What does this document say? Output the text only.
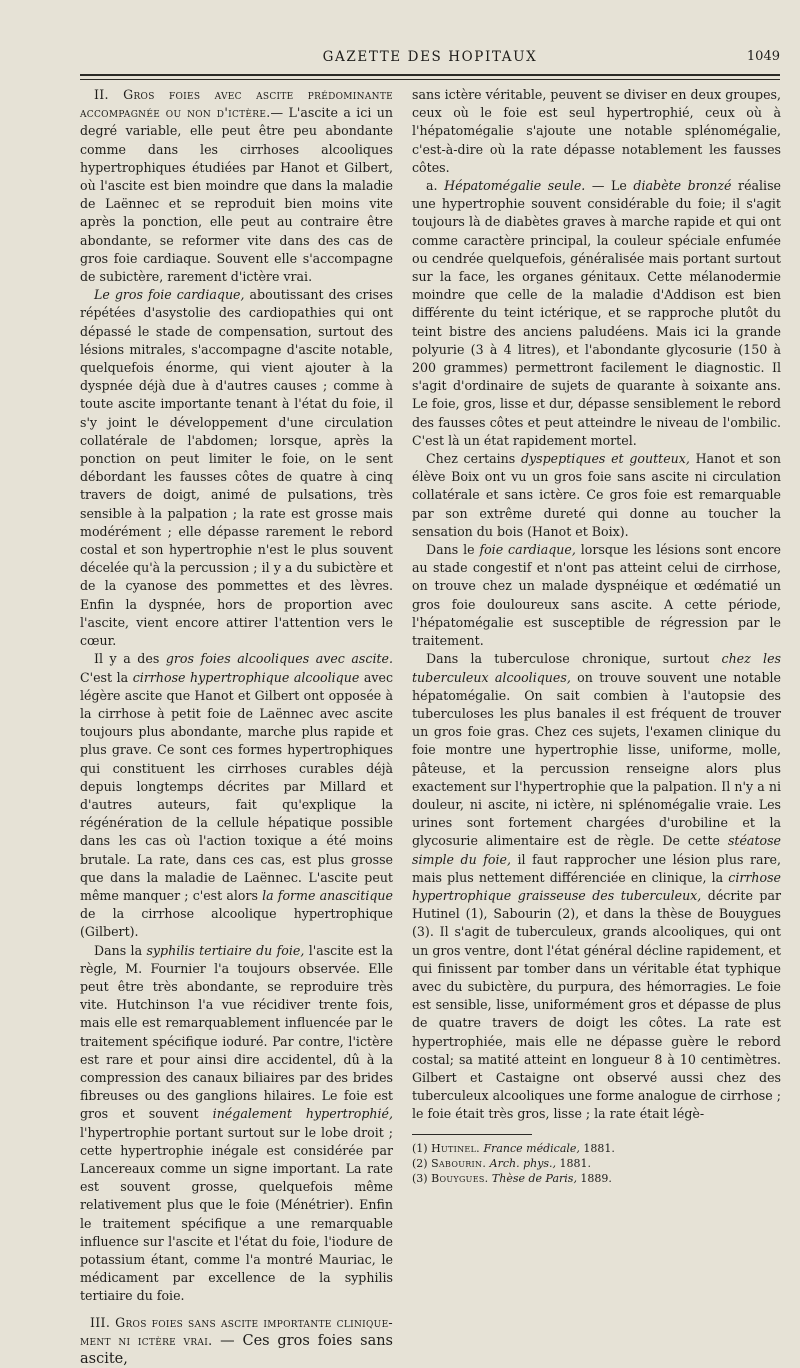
GAZETTE DES HOPITAUX	1049

II. Gros foies avec ascite prédominante accompagnée ou non d'ictère.— L'ascite a ici un degré variable, elle peut être peu abondante comme dans les cirrhoses alcooliques hypertrophiques étudiées par Hanot et Gilbert, où l'ascite est bien moindre que dans la maladie de Laënnec et se reproduit bien moins vite après la ponction, elle peut au contraire être abondante, se reformer vite dans des cas de gros foie cardiaque. Souvent elle s'accompagne de subictère, rarement d'ictère vrai.

Le gros foie cardiaque, aboutissant des crises répétées d'asystolie des cardiopathies qui ont dépassé le stade de compensation, surtout des lésions mitrales, s'accompagne d'ascite notable, quelquefois énorme, qui vient ajouter à la dyspnée déjà due à d'autres causes ; comme à toute ascite importante tenant à l'état du foie, il s'y joint le développement d'une circulation collatérale de l'abdomen; lorsque, après la ponction on peut limiter le foie, on le sent débordant les fausses côtes de quatre à cinq travers de doigt, animé de pulsations, très sensible à la palpation ; la rate est grosse mais modérément ; elle dépasse rarement le rebord costal et son hypertrophie n'est le plus souvent décelée qu'à la percussion ; il y a du subictère et de la cyanose des pommettes et des lèvres. Enfin la dyspnée, hors de proportion avec l'ascite, vient encore attirer l'attention vers le cœur.

Il y a des gros foies alcooliques avec ascite. C'est la cirrhose hypertrophique alcoolique avec légère ascite que Hanot et Gilbert ont opposée à la cirrhose à petit foie de Laënnec avec ascite toujours plus abondante, marche plus rapide et plus grave. Ce sont ces formes hypertrophiques qui constituent les cirrhoses curables déjà depuis longtemps décrites par Millard et d'autres auteurs, fait qu'explique la régénération de la cellule hépatique possible dans les cas où l'action toxique a été moins brutale. La rate, dans ces cas, est plus grosse que dans la maladie de Laënnec. L'ascite peut même manquer ; c'est alors la forme anascitique de la cirrhose alcoolique hypertrophique (Gilbert).

Dans la syphilis tertiaire du foie, l'ascite est la règle, M. Fournier l'a toujours observée. Elle peut être très abondante, se reproduire très vite. Hutchinson l'a vue récidiver trente fois, mais elle est remarquablement influencée par le traitement spécifique ioduré. Par contre, l'ictère est rare et pour ainsi dire accidentel, dû à la compression des canaux biliaires par des brides fibreuses ou des ganglions hilaires. Le foie est gros et souvent inégalement hypertrophié, l'hypertrophie portant surtout sur le lobe droit ; cette hypertrophie inégale est considérée par Lancereaux comme un signe important. La rate est souvent grosse, quelquefois même relativement plus que le foie (Ménétrier). Enfin le traitement spécifique a une remarquable influence sur l'ascite et l'état du foie, l'iodure de potassium étant, comme l'a montré Mauriac, le médicament par excellence de la syphilis tertiaire du foie.

III. Gros foies sans ascite importante clinique- ment ni ictère vrai. — Ces gros foies sans ascite,

sans ictère véritable, peuvent se diviser en deux groupes, ceux où le foie est seul hypertrophié, ceux où à l'hépatomégalie s'ajoute une notable splénomégalie, c'est-à-dire où la rate dépasse notablement les fausses côtes.

a. Hépatomégalie seule. — Le diabète bronzé réalise une hypertrophie souvent considérable du foie; il s'agit toujours là de diabètes graves à marche rapide et qui ont comme caractère principal, la couleur spéciale enfumée ou cendrée quelquefois, généralisée mais portant surtout sur la face, les organes génitaux. Cette mélanodermie moindre que celle de la maladie d'Addison est bien différente du teint ictérique, et se rapproche plutôt du teint bistre des anciens paludéens. Mais ici la grande polyurie (3 à 4 litres), et l'abondante glycosurie (150 à 200 grammes) permettront facilement le diagnostic. Il s'agit d'ordinaire de sujets de quarante à soixante ans. Le foie, gros, lisse et dur, dépasse sensiblement le rebord des fausses côtes et peut atteindre le niveau de l'ombilic. C'est là un état rapidement mortel.

Chez certains dyspeptiques et goutteux, Hanot et son élève Boix ont vu un gros foie sans ascite ni circulation collatérale et sans ictère. Ce gros foie est remarquable par son extrême dureté qui donne au toucher la sensation du bois (Hanot et Boix).

Dans le foie cardiaque, lorsque les lésions sont encore au stade congestif et n'ont pas atteint celui de cirrhose, on trouve chez un malade dyspnéique et œdématié un gros foie douloureux sans ascite. A cette période, l'hépatomégalie est susceptible de régression par le traitement.

Dans la tuberculose chronique, surtout chez les tuberculeux alcooliques, on trouve souvent une notable hépatomégalie. On sait combien à l'autopsie des tuberculoses les plus banales il est fréquent de trouver un gros foie gras. Chez ces sujets, l'examen clinique du foie montre une hypertrophie lisse, uniforme, molle, pâteuse, et la percussion renseigne alors plus exactement sur l'hypertrophie que la palpation. Il n'y a ni douleur, ni ascite, ni ictère, ni splénomégalie vraie. Les urines sont fortement chargées d'urobiline et la glycosurie alimentaire est de règle. De cette stéatose simple du foie, il faut rapprocher une lésion plus rare, mais plus nettement différenciée en clinique, la cirrhose hypertrophique graisseuse des tuberculeux, décrite par Hutinel (1), Sabourin (2), et dans la thèse de Bouygues (3). Il s'agit de tuberculeux, grands alcooliques, qui ont un gros ventre, dont l'état général décline rapidement, et qui finissent par tomber dans un véritable état typhique avec du subictère, du purpura, des hémorragies. Le foie est sensible, lisse, uniformément gros et dépasse de plus de quatre travers de doigt les côtes. La rate est hypertrophiée, mais elle ne dépasse guère le rebord costal; sa matité atteint en longueur 8 à 10 centimètres. Gilbert et Castaigne ont observé aussi chez des tuberculeux alcooliques une forme analogue de cirrhose ; le foie était très gros, lisse ; la rate était légè-

(1) Hutinel. France médicale, 1881.
(2) Sabourin. Arch. phys., 1881.
(3) Bouygues. Thèse de Paris, 1889.
